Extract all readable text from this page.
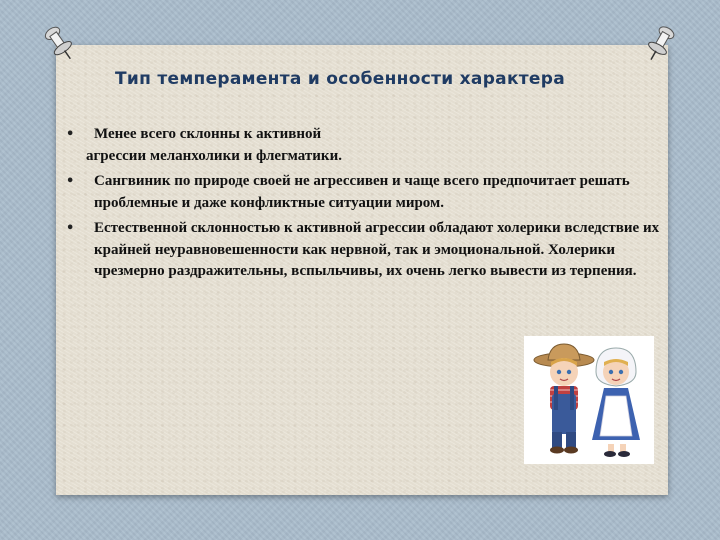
Тип темперамента и особенности характера
• Менее всего склонны к активной
агрессии меланхолики и флегматики.
• Сангвиник по природе своей не агрессивен и чаще всего предпочитает решать проблемные и даже конфликтные ситуации миром.
• Естественной склонностью к активной агрессии обладают холерики вследствие их крайней неуравновешенности как нервной, так и эмоциональной. Холерики чрезмерно раздражительны, вспыльчивы, их очень легко вывести из терпения.
